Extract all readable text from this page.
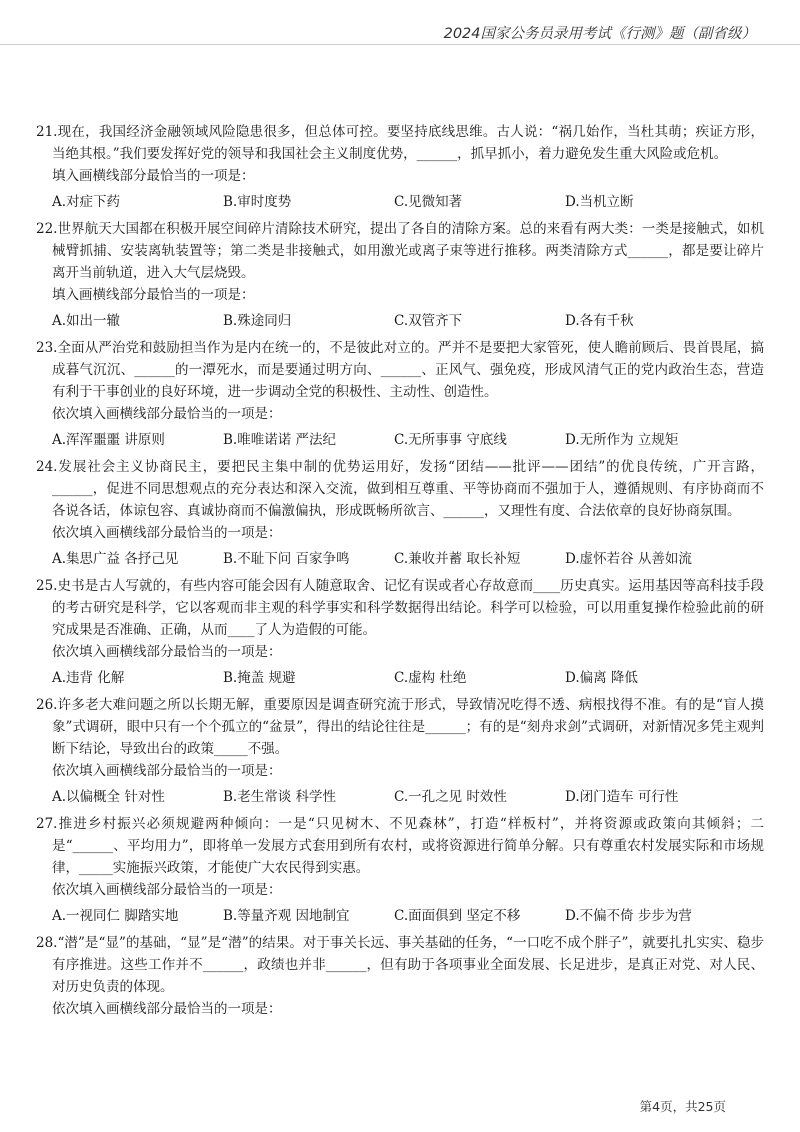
2024国家公务员录用考试《行测》题（副省级）

21.现在，我国经济金融领域风险隐患很多，但总体可控。要坚持底线思维。古人说：“祸几始作，当杜其萌；疾证方形，当绝其根。”我们要发挥好党的领导和我国社会主义制度优势，______，抓早抓小，着力避免发生重大风险或危机。

填入画横线部分最恰当的一项是：

A.对症下药	B.审时度势	C.见微知著	D.当机立断

22.世界航天大国都在积极开展空间碎片清除技术研究，提出了各自的清除方案。总的来看有两大类：一类是接触式，如机械臂抓捕、安装离轨装置等；第二类是非接触式，如用激光或离子束等进行推移。两类清除方式______，都是要让碎片离开当前轨道，进入大气层烧毁。

填入画横线部分最恰当的一项是：

A.如出一辙	B.殊途同归	C.双管齐下	D.各有千秋

23.全面从严治党和鼓励担当作为是内在统一的，不是彼此对立的。严并不是要把大家管死，使人瞻前顾后、畏首畏尾，搞成暮气沉沉、______的一潭死水，而是要通过明方向、______、正风气、强免疫，形成风清气正的党内政治生态，营造有利于干事创业的良好环境，进一步调动全党的积极性、主动性、创造性。

依次填入画横线部分最恰当的一项是：

A.浑浑噩噩 讲原则	B.唯唯诺诺 严法纪	C.无所事事 守底线	D.无所作为 立规矩

24.发展社会主义协商民主，要把民主集中制的优势运用好，发扬“团结——批评——团结”的优良传统，广开言路，______，促进不同思想观点的充分表达和深入交流，做到相互尊重、平等协商而不强加于人，遵循规则、有序协商而不各说各话，体谅包容、真诚协商而不偏激偏执，形成既畅所欲言、______，又理性有度、合法依章的良好协商氛围。

依次填入画横线部分最恰当的一项是：

A.集思广益 各抒己见	B.不耻下问 百家争鸣	C.兼收并蓄 取长补短	D.虚怀若谷 从善如流

25.史书是古人写就的，有些内容可能会因有人随意取舍、记忆有误或者心存故意而____历史真实。运用基因等高科技手段的考古研究是科学，它以客观而非主观的科学事实和科学数据得出结论。科学可以检验，可以用重复操作检验此前的研究成果是否准确、正确，从而____了人为造假的可能。

依次填入画横线部分最恰当的一项是：

A.违背 化解	B.掩盖 规避	C.虚构 杜绝	D.偏离 降低

26.许多老大难问题之所以长期无解，重要原因是调查研究流于形式，导致情况吃得不透、病根找得不准。有的是“盲人摸象”式调研，眼中只有一个个孤立的“盆景”，得出的结论往往是______；有的是“刻舟求剑”式调研，对新情况多凭主观判断下结论，导致出台的政策_____不强。

依次填入画横线部分最恰当的一项是：

A.以偏概全 针对性	B.老生常谈 科学性	C.一孔之见 时效性	D.闭门造车 可行性

27.推进乡村振兴必须规避两种倾向：一是“只见树木、不见森林”，打造“样板村”，并将资源或政策向其倾斜；二是“______、平均用力”，即将单一发展方式套用到所有农村，或将资源进行简单分解。只有尊重农村发展实际和市场规律，_____实施振兴政策，才能使广大农民得到实惠。

依次填入画横线部分最恰当的一项是：

A.一视同仁 脚踏实地	B.等量齐观 因地制宜	C.面面俱到 坚定不移	D.不偏不倚 步步为营

28.“潜”是“显”的基础，“显”是“潜”的结果。对于事关长远、事关基础的任务，“一口吃不成个胖子”，就要扎扎实实、稳步有序推进。这些工作并不______，政绩也并非______，但有助于各项事业全面发展、长足进步，是真正对党、对人民、对历史负责的体现。

依次填入画横线部分最恰当的一项是：

第4页，共25页
